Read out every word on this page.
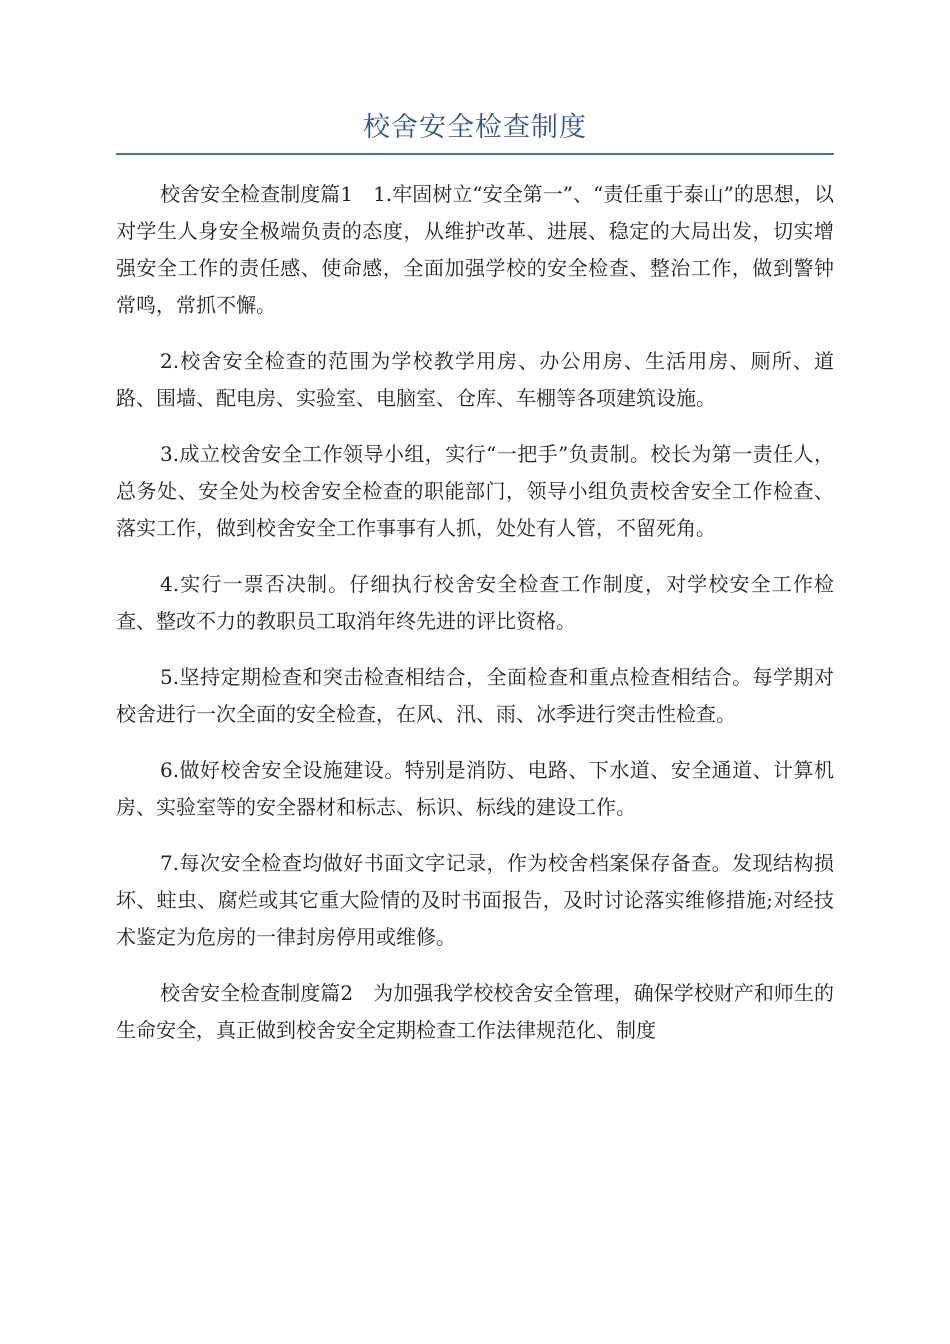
校舍安全检查制度

校舍安全检查制度篇1　1.牢固树立“安全第一”、“责任重于泰山”的思想，以对学生人身安全极端负责的态度，从维护改革、进展、稳定的大局出发，切实增强安全工作的责任感、使命感，全面加强学校的安全检查、整治工作，做到警钟常鸣，常抓不懈。

2.校舍安全检查的范围为学校教学用房、办公用房、生活用房、厕所、道路、围墙、配电房、实验室、电脑室、仓库、车棚等各项建筑设施。

3.成立校舍安全工作领导小组，实行“一把手”负责制。校长为第一责任人，总务处、安全处为校舍安全检查的职能部门，领导小组负责校舍安全工作检查、落实工作，做到校舍安全工作事事有人抓，处处有人管，不留死角。

4.实行一票否决制。仔细执行校舍安全检查工作制度，对学校安全工作检查、整改不力的教职员工取消年终先进的评比资格。

5.坚持定期检查和突击检查相结合，全面检查和重点检查相结合。每学期对校舍进行一次全面的安全检查，在风、汛、雨、冰季进行突击性检查。

6.做好校舍安全设施建设。特别是消防、电路、下水道、安全通道、计算机房、实验室等的安全器材和标志、标识、标线的建设工作。

7.每次安全检查均做好书面文字记录，作为校舍档案保存备查。发现结构损坏、蛀虫、腐烂或其它重大险情的及时书面报告，及时讨论落实维修措施;对经技术鉴定为危房的一律封房停用或维修。

校舍安全检查制度篇2　为加强我学校校舍安全管理，确保学校财产和师生的生命安全，真正做到校舍安全定期检查工作法律规范化、制度
